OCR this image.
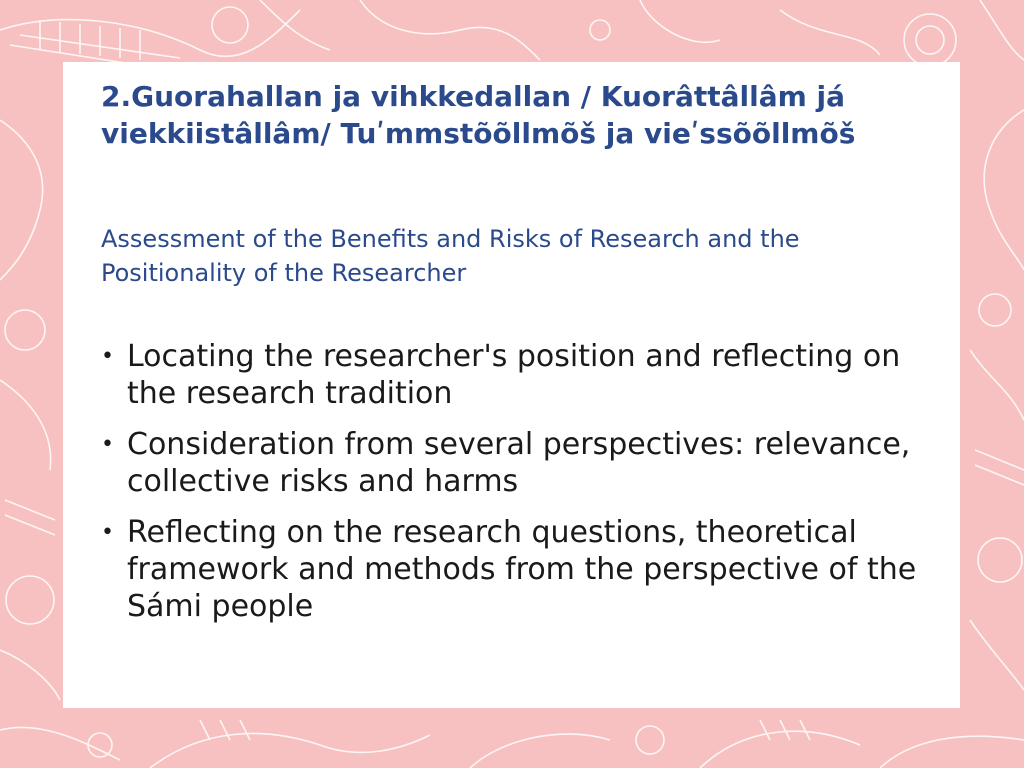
2.Guorahallan ja vihkkedallan / Kuorâttâllâm já viekkiistâllâm/ Tuʹmmstõõllmõš ja vieʹssõõllmõš

Assessment of the Benefits and Risks of Research and the Positionality of the Researcher

• Locating the researcher's position and reflecting on the research tradition
• Consideration from several perspectives: relevance, collective risks and harms
• Reflecting on the research questions, theoretical framework and methods from the perspective of the Sámi people
